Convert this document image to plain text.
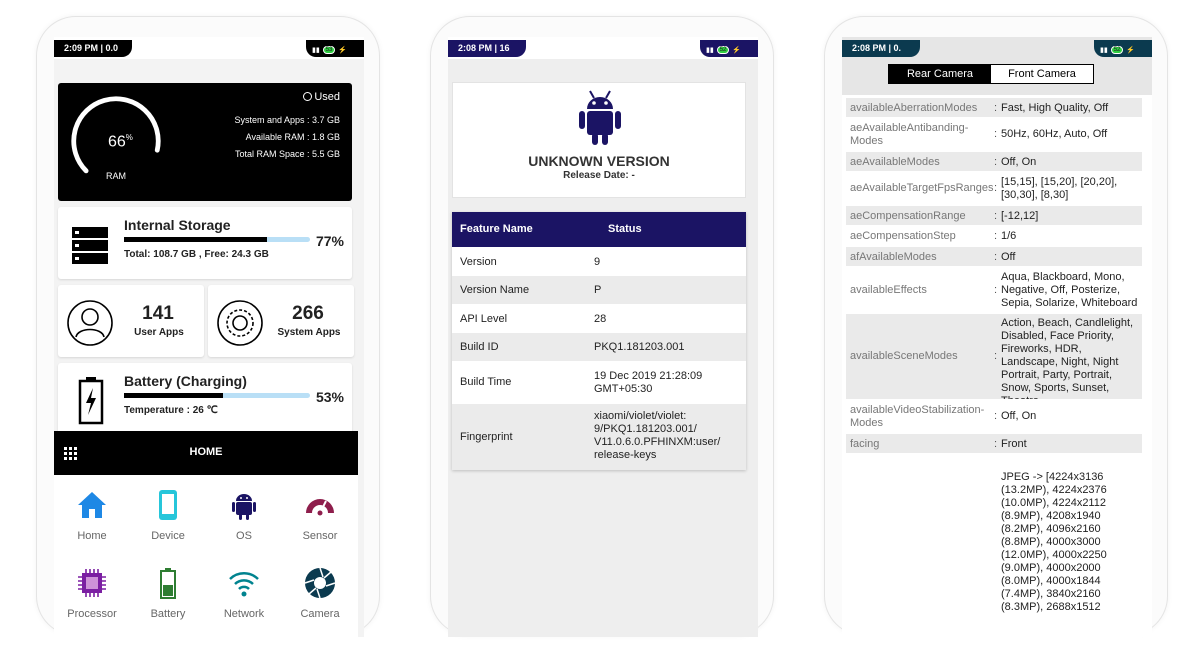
2:09 PM | 0.0	▮▮	53 ⚡
66%
RAM
Used
System and Apps : 3.7 GB
Available RAM : 1.8 GB
Total RAM Space : 5.5 GB
Internal Storage
77%
Total: 108.7 GB , Free: 24.3 GB
141
User Apps
266
System Apps
Battery (Charging)
53%
Temperature : 26 ℃
HOME
Home	Device	OS	Sensor
Processor	Battery	Network	Camera
2:08 PM | 16	▮▮	52 ⚡
UNKNOWN VERSION
Release Date: -
Feature Name	Status
Version	9
Version Name	P
API Level	28
Build ID	PKQ1.181203.001
Build Time	19 Dec 2019 21:28:09 GMT+05:30
Fingerprint
xiaomi/violet/violet: 9/PKQ1.181203.001/ V11.0.6.0.PFHINXM:user/ release-keys
2:08 PM | 0.	▮▮	52 ⚡
Rear Camera	Front Camera
availableAberrationModes	: Fast, High Quality, Off
aeAvailableAntibanding-Modes
: 50Hz, 60Hz, Auto, Off
aeAvailableModes	: Off, On
aeAvailableTargetFpsRanges : [15,15], [15,20], [20,20], [30,30], [8,30]
aeCompensationRange	: [-12,12]
aeCompensationStep	: 1/6
afAvailableModes	: Off
availableEffects	:
Aqua, Blackboard, Mono, Negative, Off, Posterize, Sepia, Solarize, Whiteboard
availableSceneModes	:
Action, Beach, Candlelight, Disabled, Face Priority, Fireworks, HDR, Landscape, Night, Night Portrait, Party, Portrait, Snow, Sports, Sunset,
availableVideoStabilization-Modes
: Off, On
facing	: Front
JPEG -> [4224x3136 (13.2MP), 4224x2376 (10.0MP), 4224x2112 (8.9MP), 4208x1940 (8.2MP), 4096x2160 (8.8MP), 4000x3000 (12.0MP), 4000x2250 (9.0MP), 4000x2000 (8.0MP), 4000x1844 (7.4MP), 3840x2160 (8.3MP), 2688x1512
